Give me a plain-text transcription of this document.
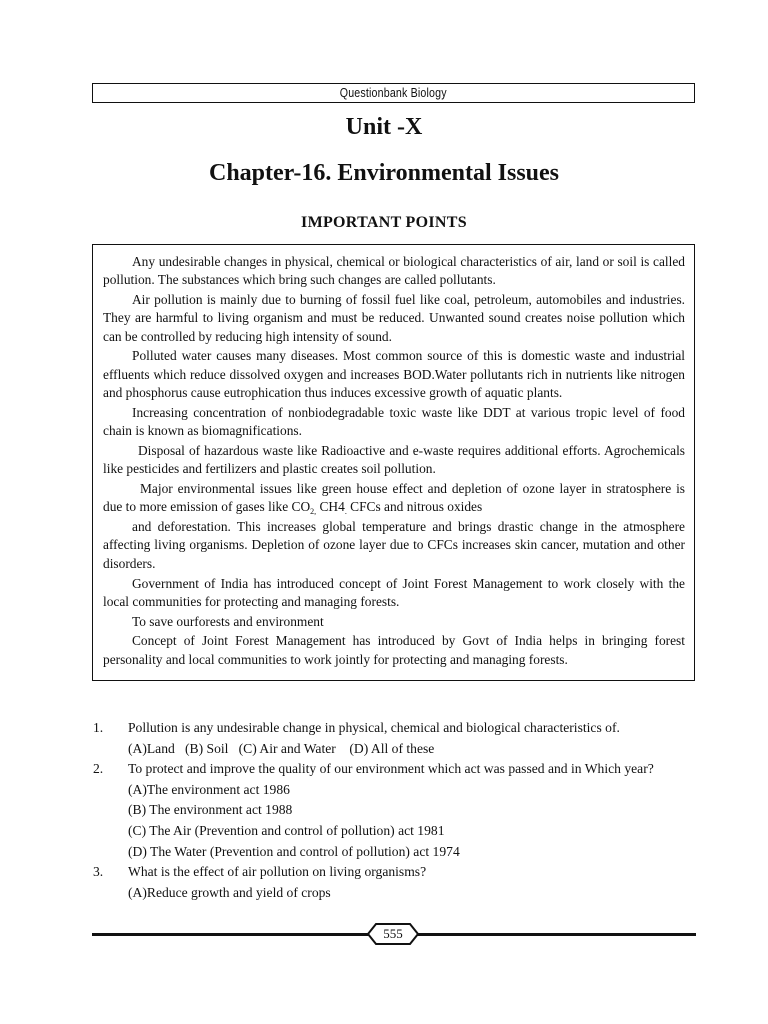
Questionbank Biology
Unit -X
Chapter-16. Environmental Issues
IMPORTANT POINTS

Any undesirable changes in physical, chemical or biological characteristics of air, land or soil is called pollution. The substances which bring such changes are called pollutants.

Air pollution is mainly due to burning of fossil fuel like coal, petroleum, automobiles and industries. They are harmful to living organism and must be reduced. Unwanted sound creates noise pollution which can be controlled by reducing high intensity of sound.

Polluted water causes many diseases. Most common source of this is domestic waste and industrial effluents which reduce dissolved oxygen and increases BOD.Water pollutants rich in nutrients like nitrogen and phosphorus cause eutrophication thus induces excessive growth of aquatic plants.

Increasing concentration of nonbiodegradable toxic waste like DDT at various tropic level of food chain is known as biomagnifications.

Disposal of hazardous waste like Radioactive and e-waste requires additional efforts. Agrochemicals like pesticides and fertilizers and plastic creates soil pollution.

Major environmental issues like green house effect and depletion of ozone layer in stratosphere is due to more emission of gases like $CO_{2,}$ $CH4_.$ CFCs and nitrous oxides

and deforestation. This increases global temperature and brings drastic change in the atmosphere affecting living organisms. Depletion of ozone layer due to CFCs increases skin cancer, mutation and other disorders.

Government of India has introduced concept of Joint Forest Management to work closely with the local communities for protecting and managing forests.

To save ourforests and environment

Concept of Joint Forest Management has introduced by Govt of India helps in bringing forest personality and local communities to work jointly for protecting and managing forests.

1.	Pollution is any undesirable change in physical, chemical and biological characteristics of.
(A)Land   (B) Soil   (C) Air and Water    (D) All of these
2.	To protect and improve the quality of our environment which act was passed and in Which year?
(A)The environment act 1986
(B) The environment act 1988
(C) The Air (Prevention and control of pollution) act 1981
(D) The Water (Prevention and control of pollution) act 1974
3.	What is the effect of air pollution on living organisms?
(A)Reduce growth and yield of crops
555
